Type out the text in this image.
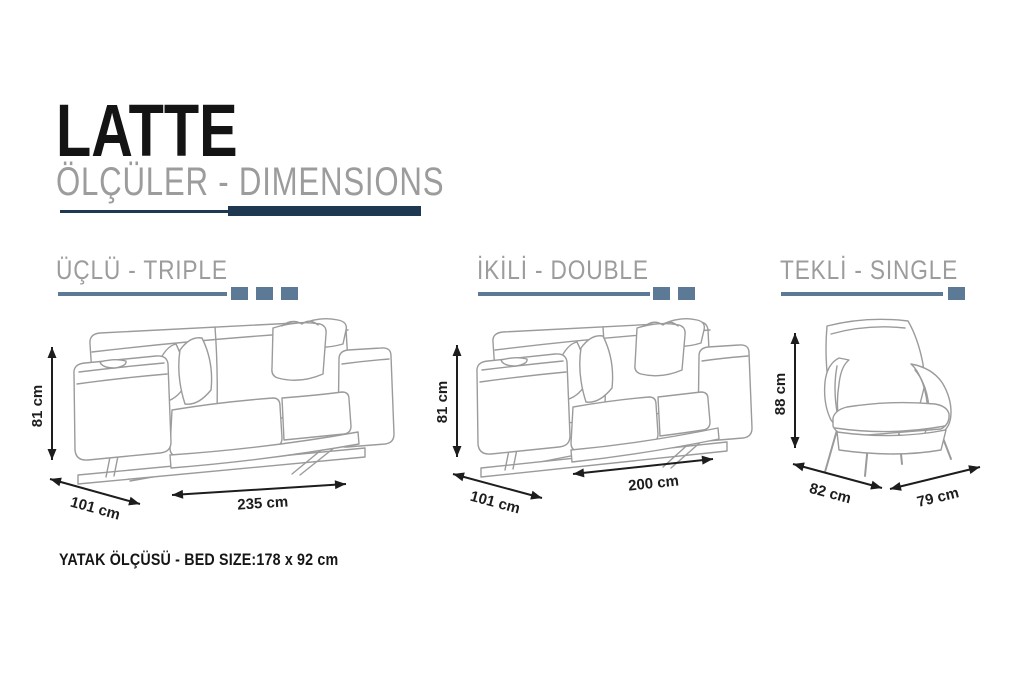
LATTE
ÖLÇÜLER - DIMENSIONS
ÜÇLÜ - TRIPLE	İKİLİ - DOUBLE	TEKLİ - SINGLE
81 cm
101 cm	235 cm
81 cm
101 cm
200 cm
88 cm
82 cm	79 cm
YATAK ÖLÇÜSÜ - BED SIZE:178 x 92 cm
